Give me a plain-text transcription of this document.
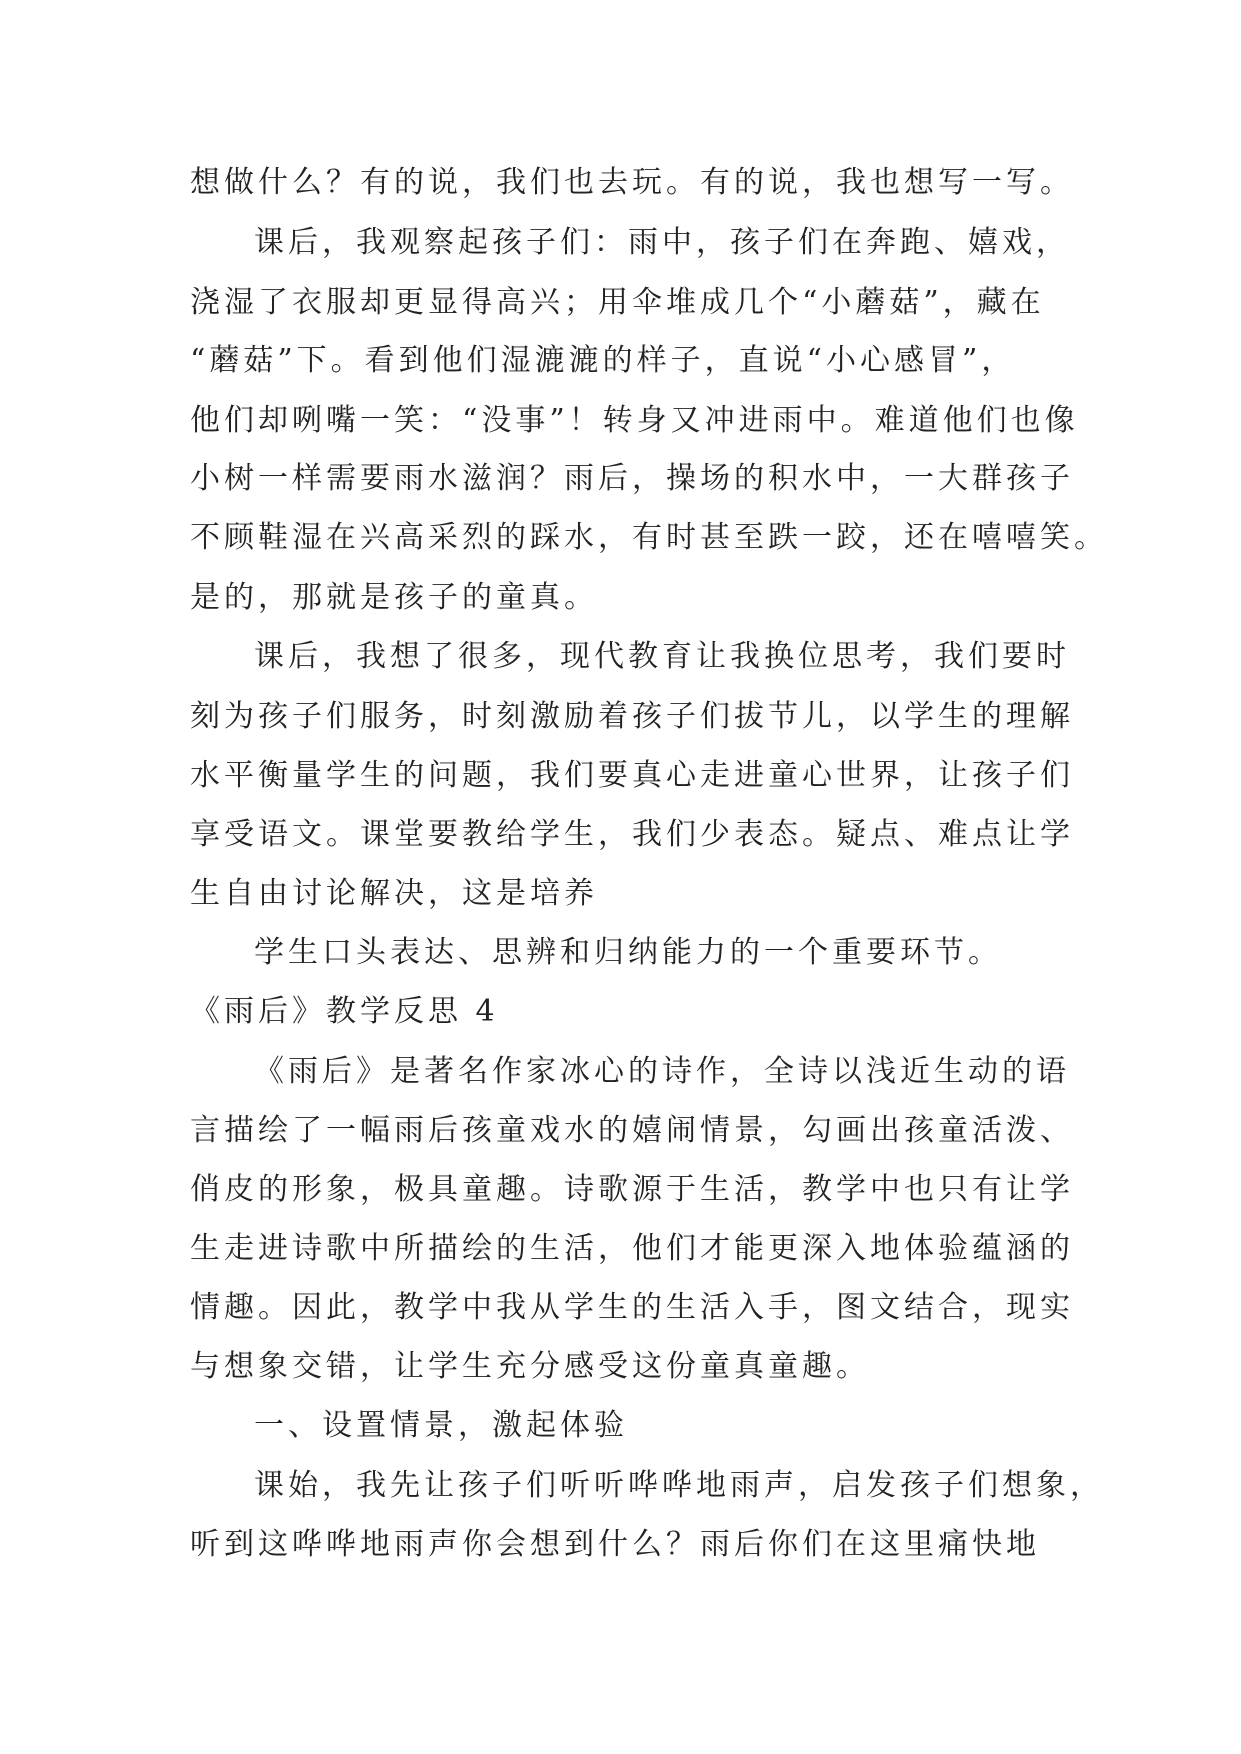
想做什么？有的说，我们也去玩。有的说，我也想写一写。
课后，我观察起孩子们：雨中，孩子们在奔跑、嬉戏，
浇湿了衣服却更显得高兴；用伞堆成几个“小蘑菇”，藏在
“蘑菇”下。看到他们湿漉漉的样子，直说“小心感冒”，
他们却咧嘴一笑：“没事”！转身又冲进雨中。难道他们也像
小树一样需要雨水滋润？雨后，操场的积水中，一大群孩子
不顾鞋湿在兴高采烈的踩水，有时甚至跌一跤，还在嘻嘻笑。
是的，那就是孩子的童真。
课后，我想了很多，现代教育让我换位思考，我们要时
刻为孩子们服务，时刻激励着孩子们拔节儿，以学生的理解
水平衡量学生的问题，我们要真心走进童心世界，让孩子们
享受语文。课堂要教给学生，我们少表态。疑点、难点让学
生自由讨论解决，这是培养
学生口头表达、思辨和归纳能力的一个重要环节。
《雨后》教学反思 4
《雨后》是著名作家冰心的诗作，全诗以浅近生动的语
言描绘了一幅雨后孩童戏水的嬉闹情景，勾画出孩童活泼、
俏皮的形象，极具童趣。诗歌源于生活，教学中也只有让学
生走进诗歌中所描绘的生活，他们才能更深入地体验蕴涵的
情趣。因此，教学中我从学生的生活入手，图文结合，现实
与想象交错，让学生充分感受这份童真童趣。
一、设置情景，激起体验
课始，我先让孩子们听听哗哗地雨声，启发孩子们想象，
听到这哗哗地雨声你会想到什么？雨后你们在这里痛快地
